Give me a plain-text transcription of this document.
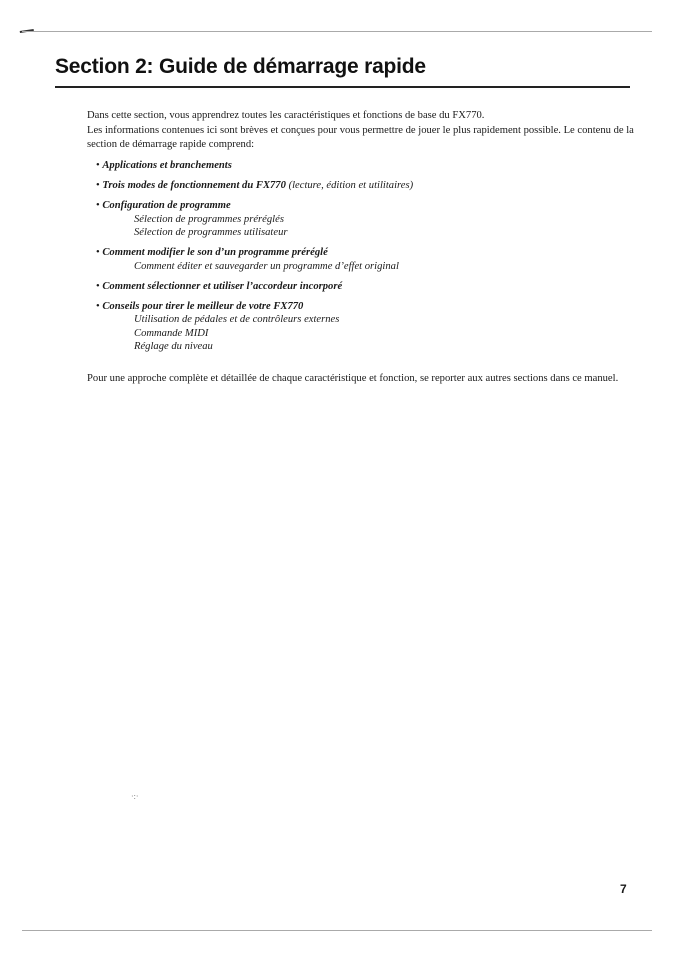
Section 2: Guide de démarrage rapide

Dans cette section, vous apprendrez toutes les caractéristiques et fonctions de base du FX770.

Les informations contenues ici sont brèves et conçues pour vous permettre de jouer le plus rapidement possible. Le contenu de la section de démarrage rapide comprend:

• Applications et branchements
• Trois modes de fonctionnement du FX770 (lecture, édition et utilitaires)
• Configuration de programme
Sélection de programmes préréglés
Sélection de programmes utilisateur
• Comment modifier le son d’un programme préréglé
Comment éditer et sauvegarder un programme d’effet original
• Comment sélectionner et utiliser l’accordeur incorporé
• Conseils pour tirer le meilleur de votre FX770
Utilisation de pédales et de contrôleurs externes
Commande MIDI
Réglage du niveau

Pour une approche complète et détaillée de chaque caractéristique et fonction, se reporter aux autres sections dans ce manuel.

·:·
7
